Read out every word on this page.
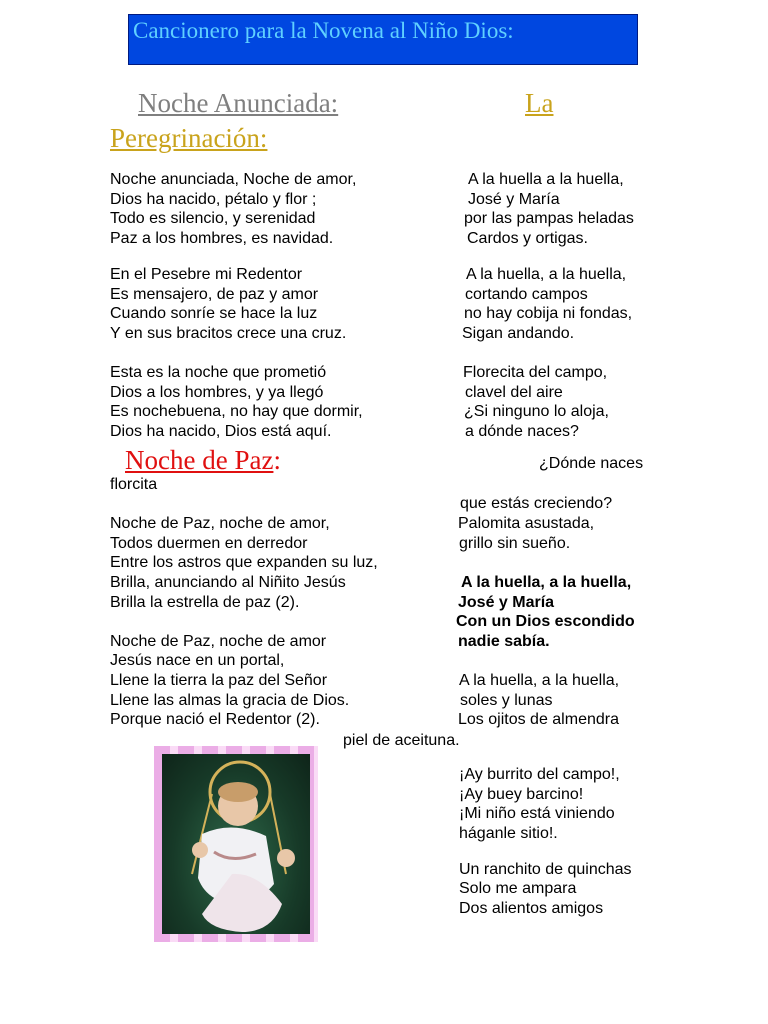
Cancionero para la Novena al Niño Dios:
Noche Anunciada:	La
Peregrinación:
Noche anunciada, Noche de amor,
Dios ha nacido, pétalo y flor ;
Todo es silencio, y serenidad
Paz a los hombres, es navidad.
En el Pesebre mi Redentor
Es mensajero, de paz y amor
Cuando sonríe se hace la luz
Y en sus bracitos crece una cruz.
Esta es la noche que prometió
Dios a los hombres, y ya llegó
Es nochebuena, no hay que dormir,
Dios ha nacido, Dios está aquí.
A la huella a la huella,
José y María
por las pampas heladas
Cardos y ortigas.
A la huella, a la huella,
cortando campos
no hay cobija ni fondas,
Sigan andando.
Florecita del campo,
clavel del aire
¿Si ninguno lo aloja,
a dónde naces?
Noche de Paz:	¿Dónde naces
florcita
que estás creciendo?
Noche de Paz, noche de amor,
Todos duermen en derredor
Entre los astros que expanden su luz,
Brilla, anunciando al Niñito Jesús
Brilla la estrella de paz (2).
Noche de Paz, noche de amor
Jesús nace en un portal,
Llene la tierra la paz del Señor
Llene las almas la gracia de Dios.
Porque nació el Redentor (2).
Palomita asustada,
grillo sin sueño.
A la huella, a la huella,
José y María
Con un Dios escondido
nadie sabía.
A la huella, a la huella,
soles y lunas
Los ojitos de almendra
piel de aceituna.
¡Ay burrito del campo!,
¡Ay buey barcino!
¡Mi niño está viniendo
háganle sitio!.
Un ranchito de quinchas
Solo me ampara
Dos alientos amigos
